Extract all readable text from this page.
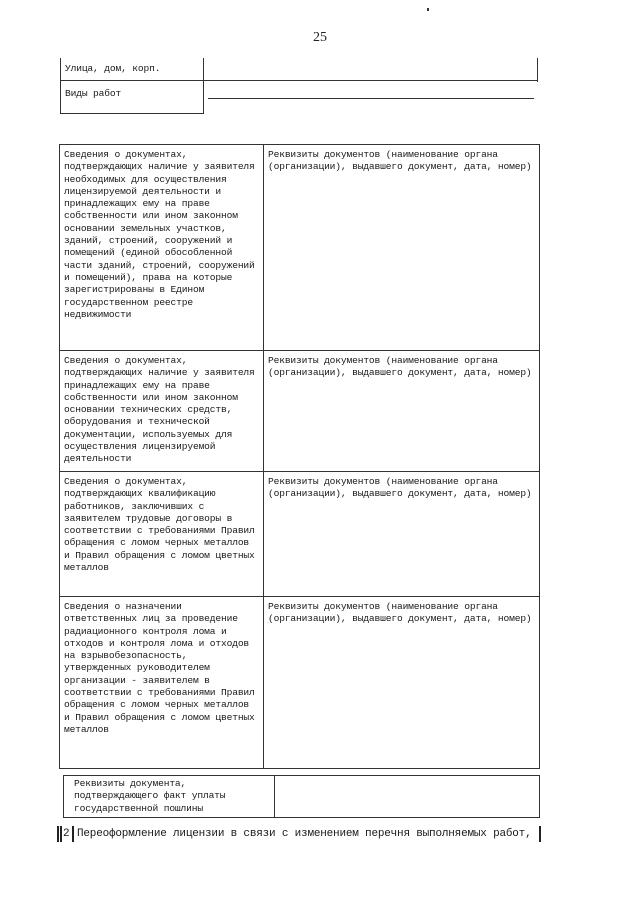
25
Улица, дом, корп.
Виды работ
Сведения о документах, подтверждающих наличие у заявителя необходимых для осуществления лицензируемой деятельности и принадлежащих ему на праве собственности или ином законном основании земельных участков, зданий, строений, сооружений и помещений (единой обособленной части зданий, строений, сооружений и помещений), права на которые зарегистрированы в Едином государственном реестре недвижимости	Реквизиты документов (наименование органа (организации), выдавшего документ, дата, номер)
Сведения о документах, подтверждающих наличие у заявителя принадлежащих ему на праве собственности или ином законном основании технических средств, оборудования и технической документации, используемых для осуществления лицензируемой деятельности	Реквизиты документов (наименование органа (организации), выдавшего документ, дата, номер)
Сведения о документах, подтверждающих квалификацию работников, заключивших с заявителем трудовые договоры в соответствии с требованиями Правил обращения с ломом черных металлов и Правил обращения с ломом цветных металлов	Реквизиты документов (наименование органа (организации), выдавшего документ, дата, номер)
Сведения о назначении ответственных лиц за проведение радиационного контроля лома и отходов и контроля лома и отходов на взрывобезопасность, утвержденных руководителем организации - заявителем в соответствии с требованиями Правил обращения с ломом черных металлов и Правил обращения с ломом цветных металлов	Реквизиты документов (наименование органа (организации), выдавшего документ, дата, номер)
Реквизиты документа, подтверждающего факт уплаты государственной пошлины	
2 Переоформление лицензии в связи с изменением перечня выполняемых работ,
